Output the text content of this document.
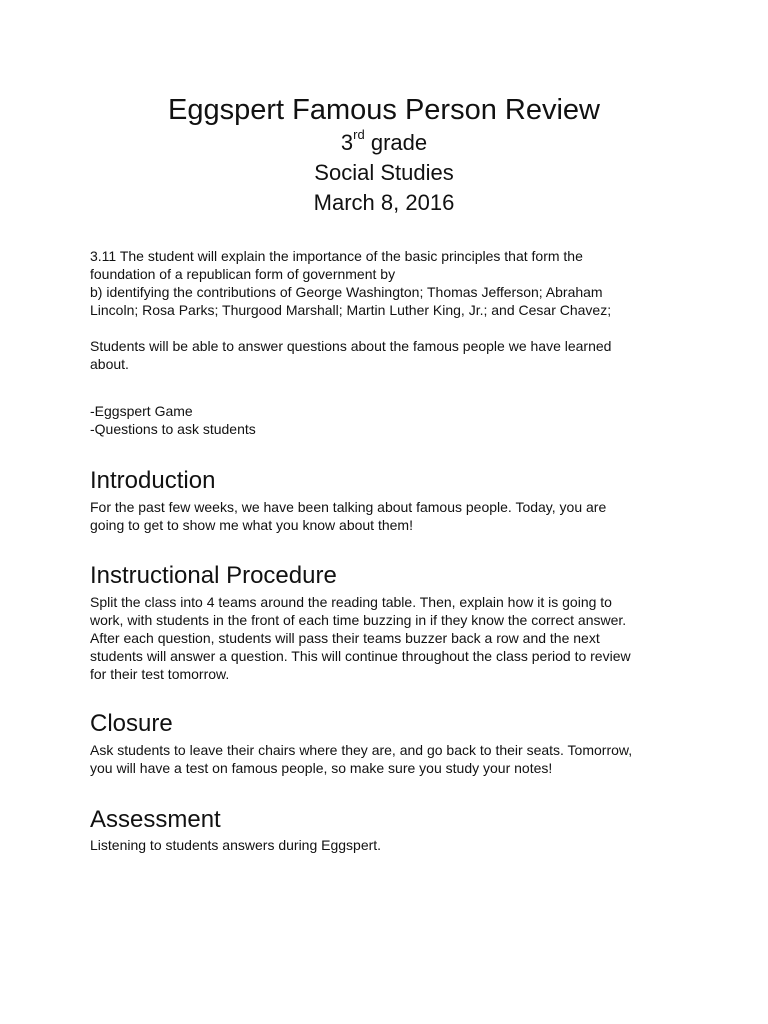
Eggspert Famous Person Review

3rd grade

Social Studies

March 8, 2016

3.11 The student will explain the importance of the basic principles that form the
foundation of a republican form of government by
b) identifying the contributions of George Washington; Thomas Jefferson; Abraham
Lincoln; Rosa Parks; Thurgood Marshall; Martin Luther King, Jr.; and Cesar Chavez;

Students will be able to answer questions about the famous people we have learned
about.

-Eggspert Game
-Questions to ask students

Introduction

For the past few weeks, we have been talking about famous people. Today, you are
going to get to show me what you know about them!

Instructional Procedure

Split the class into 4 teams around the reading table. Then, explain how it is going to
work, with students in the front of each time buzzing in if they know the correct answer.
After each question, students will pass their teams buzzer back a row and the next
students will answer a question. This will continue throughout the class period to review
for their test tomorrow.

Closure

Ask students to leave their chairs where they are, and go back to their seats. Tomorrow,
you will have a test on famous people, so make sure you study your notes!

Assessment

Listening to students answers during Eggspert.
